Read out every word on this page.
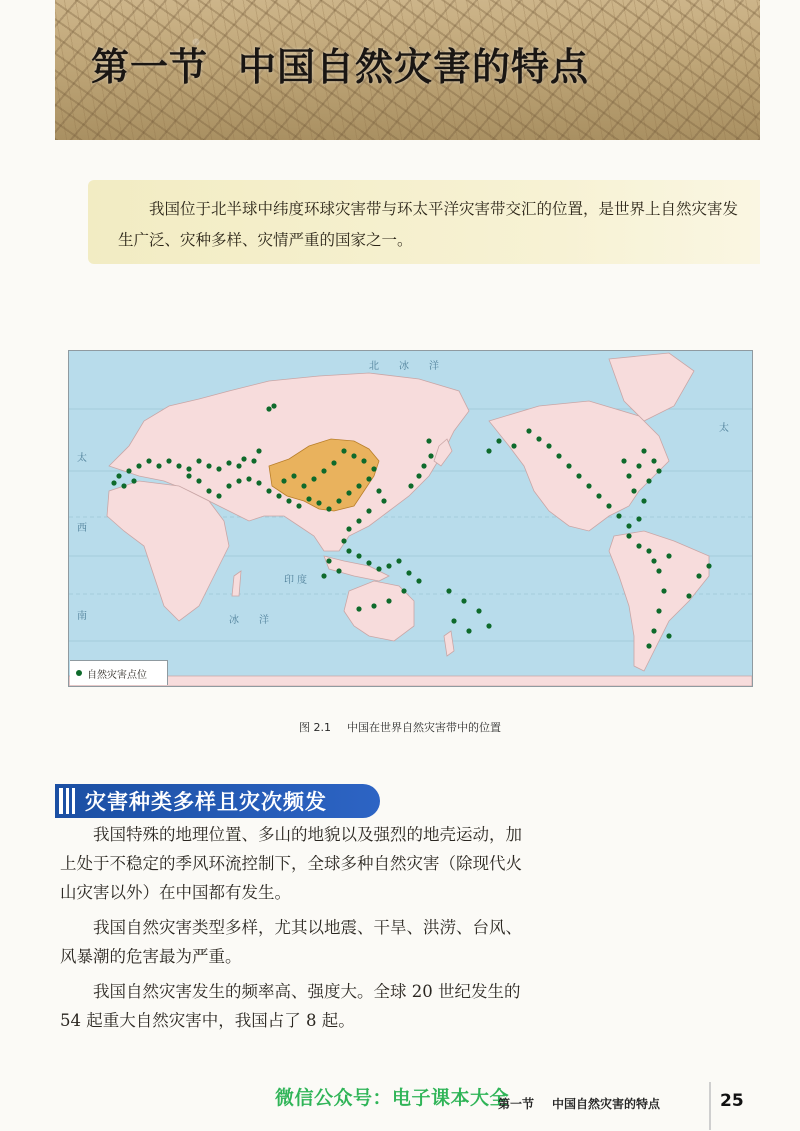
第一节 中国自然灾害的特点

我国位于北半球中纬度环球灾害带与环太平洋灾害带交汇的位置，是世界上自然灾害发生广泛、灾种多样、灾情严重的国家之一。

北 冰 洋
太
太
西
印 度
南	冰 洋
自然灾害点位
图 2.1 中国在世界自然灾害带中的位置
灾害种类多样且灾次频发

我国特殊的地理位置、多山的地貌以及强烈的地壳运动，加上处于不稳定的季风环流控制下，全球多种自然灾害（除现代火山灾害以外）在中国都有发生。

我国自然灾害类型多样，尤其以地震、干旱、洪涝、台风、风暴潮的危害最为严重。

我国自然灾害发生的频率高、强度大。全球 20 世纪发生的 54 起重大自然灾害中，我国占了 8 起。

微信公众号：电子课本大全
第一节 中国自然灾害的特点	25
